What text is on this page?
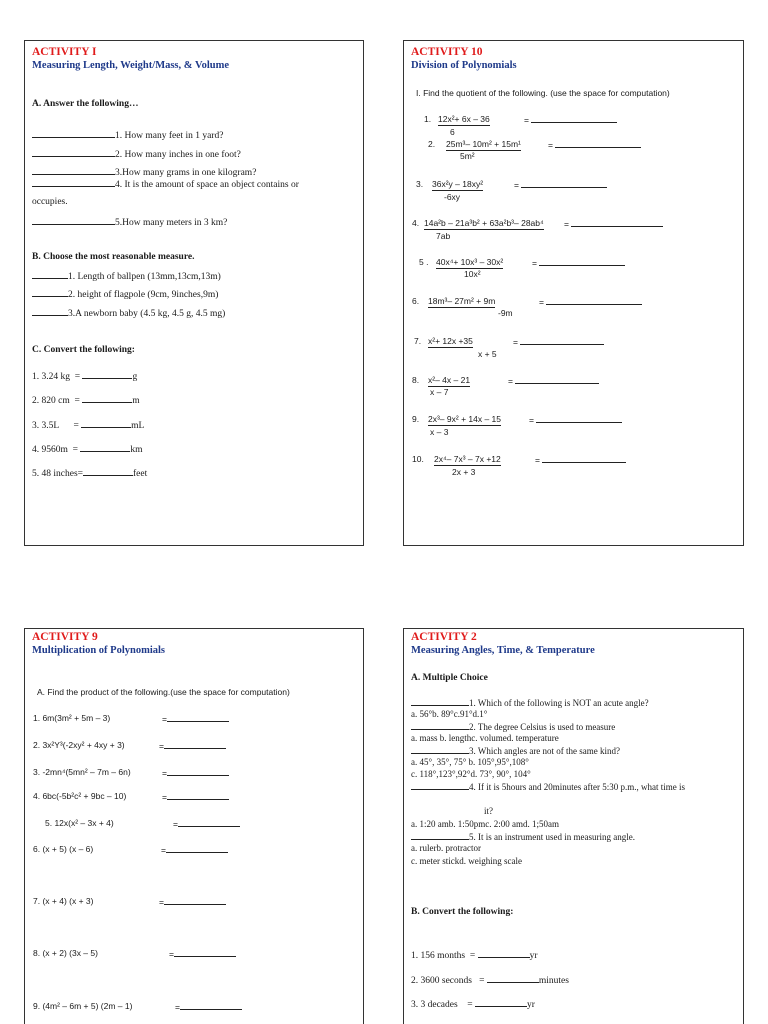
ACTIVITY I
Measuring Length, Weight/Mass, & Volume
A. Answer the following…
1. How many feet in 1 yard?
2. How many inches in one foot?
3.How many grams in one kilogram?
4. It is the amount of space an object contains or
occupies.
5.How many meters in 3 km?
B. Choose the most reasonable measure.
1. Length of ballpen (13mm,13cm,13m)
2. height of flagpole (9cm, 9inches,9m)
3.A newborn baby (4.5 kg, 4.5 g, 4.5 mg)
C. Convert the following:
1. 3.24 kg =	g
2. 820 cm =	m
3. 3.5L =	mL
4. 9560m =	km
5. 48 inches=	feet
ACTIVITY 10
Division of Polynomials
I. Find the quotient of the following. (use the space for computation)
1. 12x²+ 6x – 36
6
=
2. 25m³– 10m² + 15m¹
5m²
=
3. 36x²y – 18xy²
-6xy
=
4. 14a²b – 21a³b² + 63a²b³– 28ab⁴
7ab
=
5 . 40x⁴+ 10x³ – 30x²
10x²
=
6. 18m³– 27m² + 9m
-9m
=
7. x²+ 12x +35
x + 5
=
8. x²– 4x – 21
x – 7
=
9. 2x³– 9x² + 14x – 15
x – 3
=
10. 2x⁴– 7x³ – 7x +12
2x + 3
=
ACTIVITY 9
Multiplication of Polynomials
A. Find the product of the following.(use the space for computation)
1. 6m(3m² + 5m – 3)	=
2. 3x²Y³(-2xy² + 4xy + 3)	=
3. -2mn⁴(5mn² – 7m – 6n)	=
4. 6bc(-5b²c² + 9bc – 10)	=
5. 12x(x² – 3x + 4)	=
6. (x + 5) (x – 6)	=
7. (x + 4) (x + 3)	=
8. (x + 2) (3x – 5)	=
9. (4m² – 6m + 5) (2m – 1)	=
ACTIVITY 2
Measuring Angles, Time, & Temperature
A. Multiple Choice
1. Which of the following is NOT an acute angle?
a. 56°b. 89°c.91°d.1°
2. The degree Celsius is used to measure
a. mass b. lengthc. volumed. temperature
3. Which angles are not of the same kind?
a. 45°, 35°, 75° b. 105°,95°,108°
c. 118°,123°,92°d. 73°, 90°, 104°
4. If it is 5hours and 20minutes after 5:30 p.m., what time is
it?
a. 1:20 amb. 1:50pmc. 2:00 amd. 1;50am
5. It is an instrument used in measuring angle.
a. rulerb. protractor
c. meter stickd. weighing scale
B. Convert the following:
1. 156 months =	yr
2. 3600 seconds =	minutes
3. 3 decades =	yr
